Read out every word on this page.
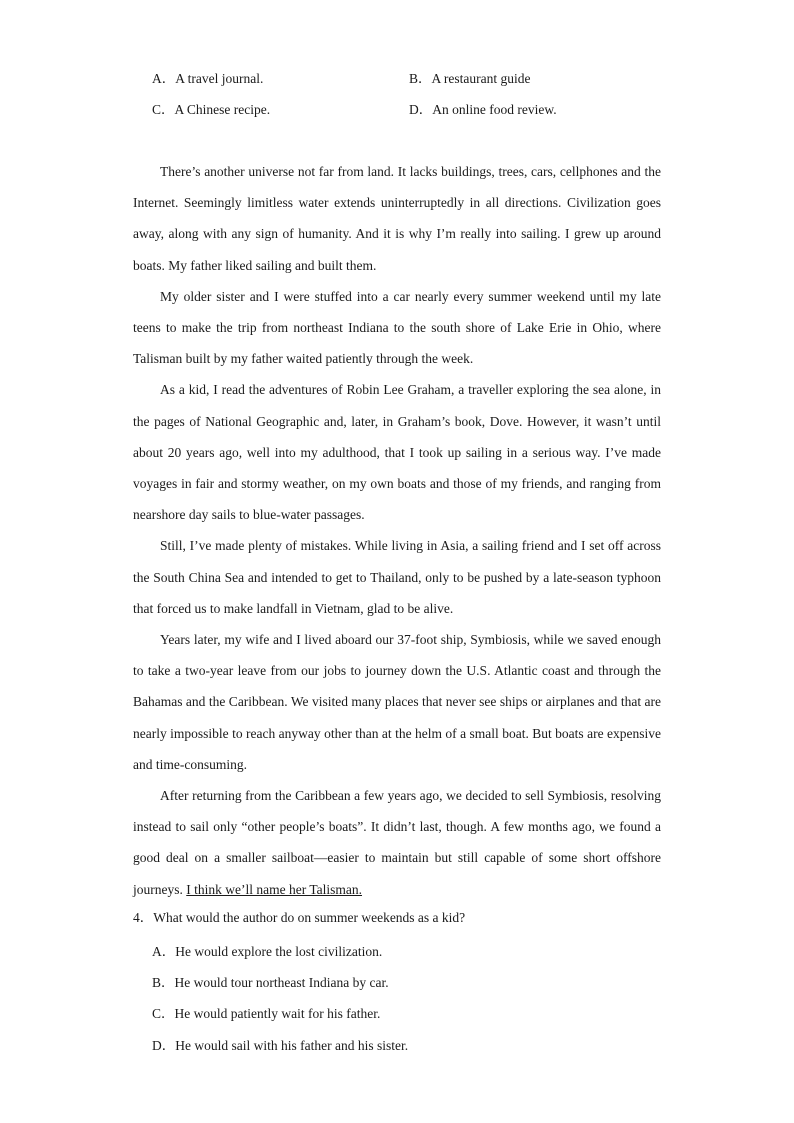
A．A travel journal.	B．A restaurant guide
C．A Chinese recipe.	D．An online food review.

There’s another universe not far from land. It lacks buildings, trees, cars, cellphones and the Internet. Seemingly limitless water extends uninterruptedly in all directions. Civilization goes away, along with any sign of humanity. And it is why I’m really into sailing. I grew up around boats. My father liked sailing and built them.

My older sister and I were stuffed into a car nearly every summer weekend until my late teens to make the trip from northeast Indiana to the south shore of Lake Erie in Ohio, where Talisman built by my father waited patiently through the week.

As a kid, I read the adventures of Robin Lee Graham, a traveller exploring the sea alone, in the pages of National Geographic and, later, in Graham’s book, Dove. However, it wasn’t until about 20 years ago, well into my adulthood, that I took up sailing in a serious way. I’ve made voyages in fair and stormy weather, on my own boats and those of my friends, and ranging from nearshore day sails to blue-water passages.

Still, I’ve made plenty of mistakes. While living in Asia, a sailing friend and I set off across the South China Sea and intended to get to Thailand, only to be pushed by a late-season typhoon that forced us to make landfall in Vietnam, glad to be alive.

Years later, my wife and I lived aboard our 37-foot ship, Symbiosis, while we saved enough to take a two-year leave from our jobs to journey down the U.S. Atlantic coast and through the Bahamas and the Caribbean. We visited many places that never see ships or airplanes and that are nearly impossible to reach anyway other than at the helm of a small boat. But boats are expensive and time-consuming.

After returning from the Caribbean a few years ago, we decided to sell Symbiosis, resolving instead to sail only “other people’s boats”. It didn’t last, though. A few months ago, we found a good deal on a smaller sailboat—easier to maintain but still capable of some short offshore journeys. I think we’ll name her Talisman.

4．What would the author do on summer weekends as a kid?
A．He would explore the lost civilization.
B．He would tour northeast Indiana by car.
C．He would patiently wait for his father.
D．He would sail with his father and his sister.
